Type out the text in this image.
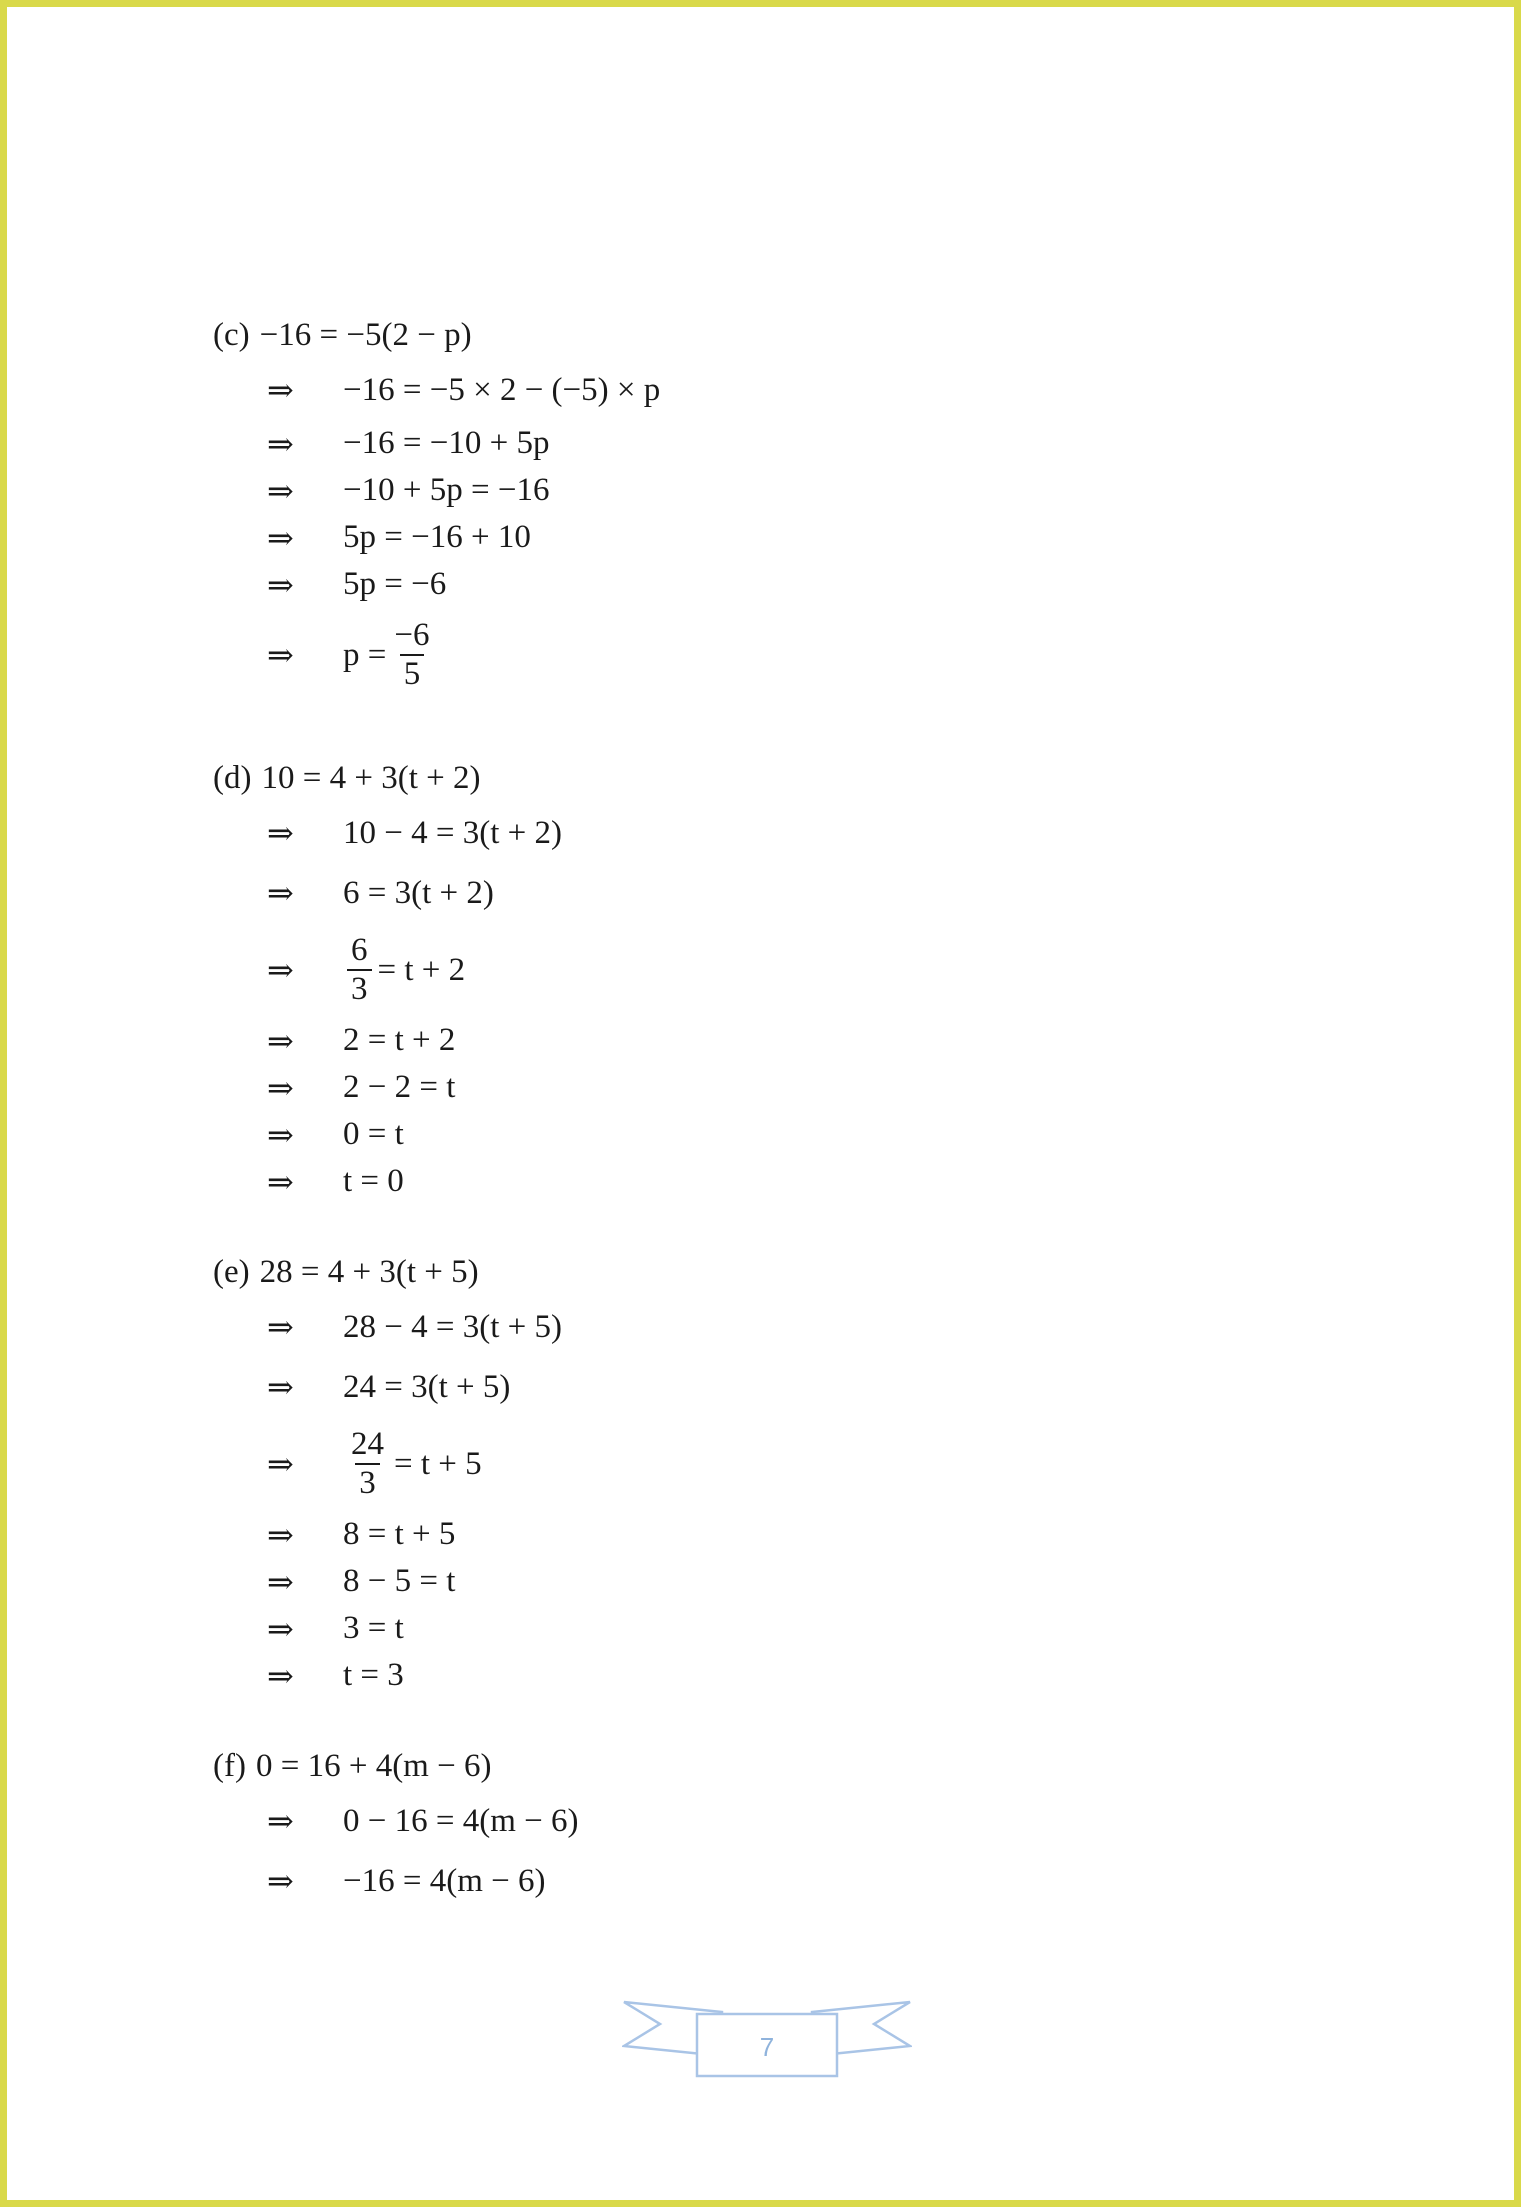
(c) −16 = −5(2 − p)
⇒	−16 = −5 × 2 − (−5) × p
⇒	−16 = −10 + 5p
⇒	−10 + 5p = −16
⇒	5p = −16 + 10
⇒	5p = −6
⇒	$p = \frac{-6}{5}$
(d) 10 = 4 + 3(t + 2)
⇒	10 − 4 = 3(t + 2)
⇒	6 = 3(t + 2)
⇒	$\frac{6}{3} = t + 2$
⇒	2 = t + 2
⇒	2 − 2 = t
⇒	0 = t
⇒	t = 0
(e) 28 = 4 + 3(t + 5)
⇒	28 − 4 = 3(t + 5)
⇒	24 = 3(t + 5)
⇒	$\frac{24}{3} = t + 5$
⇒	8 = t + 5
⇒	8 − 5 = t
⇒	3 = t
⇒	t = 3
(f) 0 = 16 + 4(m − 6)
⇒	0 − 16 = 4(m − 6)
⇒	−16 = 4(m − 6)
7
